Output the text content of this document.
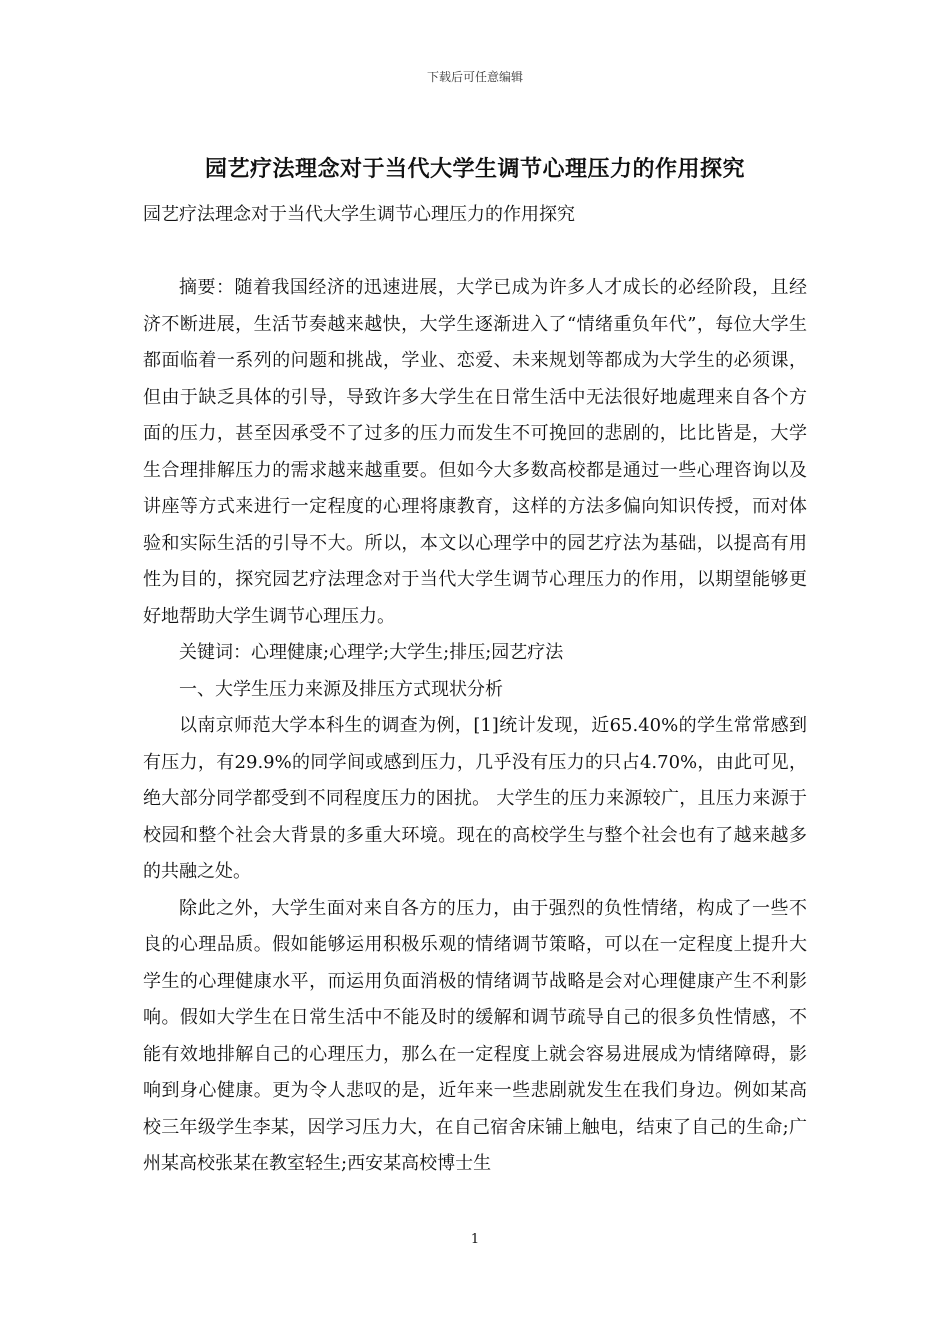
下载后可任意编辑
园艺疗法理念对于当代大学生调节心理压力的作用探究
园艺疗法理念对于当代大学生调节心理压力的作用探究

摘要：随着我国经济的迅速进展，大学已成为许多人才成长的必经阶段，且经济不断进展，生活节奏越来越快，大学生逐渐进入了“情绪重负年代”，每位大学生都面临着一系列的问题和挑战，学业、恋爱、未来规划等都成为大学生的必须课，但由于缺乏具体的引导，导致许多大学生在日常生活中无法很好地處理来自各个方面的压力，甚至因承受不了过多的压力而发生不可挽回的悲剧的，比比皆是，大学生合理排解压力的需求越来越重要。但如今大多数高校都是通过一些心理咨询以及讲座等方式来进行一定程度的心理将康教育，这样的方法多偏向知识传授，而对体验和实际生活的引导不大。所以，本文以心理学中的园艺疗法为基础，以提高有用性为目的，探究园艺疗法理念对于当代大学生调节心理压力的作用，以期望能够更好地帮助大学生调节心理压力。

关键词：心理健康;心理学;大学生;排压;园艺疗法

一、大学生压力来源及排压方式现状分析

以南京师范大学本科生的调查为例，[1]统计发现，近65.40%的学生常常感到有压力，有29.9%的同学间或感到压力，几乎没有压力的只占4.70%，由此可见，绝大部分同学都受到不同程度压力的困扰。 大学生的压力来源较广，且压力来源于校园和整个社会大背景的多重大环境。现在的高校学生与整个社会也有了越来越多的共融之处。

除此之外，大学生面对来自各方的压力，由于强烈的负性情绪，构成了一些不良的心理品质。假如能够运用积极乐观的情绪调节策略，可以在一定程度上提升大学生的心理健康水平，而运用负面消极的情绪调节战略是会对心理健康产生不利影响。假如大学生在日常生活中不能及时的缓解和调节疏导自己的很多负性情感，不能有效地排解自己的心理压力，那么在一定程度上就会容易进展成为情绪障碍，影响到身心健康。更为令人悲叹的是，近年来一些悲剧就发生在我们身边。例如某高校三年级学生李某，因学习压力大，在自己宿舍床铺上触电，结束了自己的生命;广州某高校张某在教室轻生;西安某高校博士生

1
